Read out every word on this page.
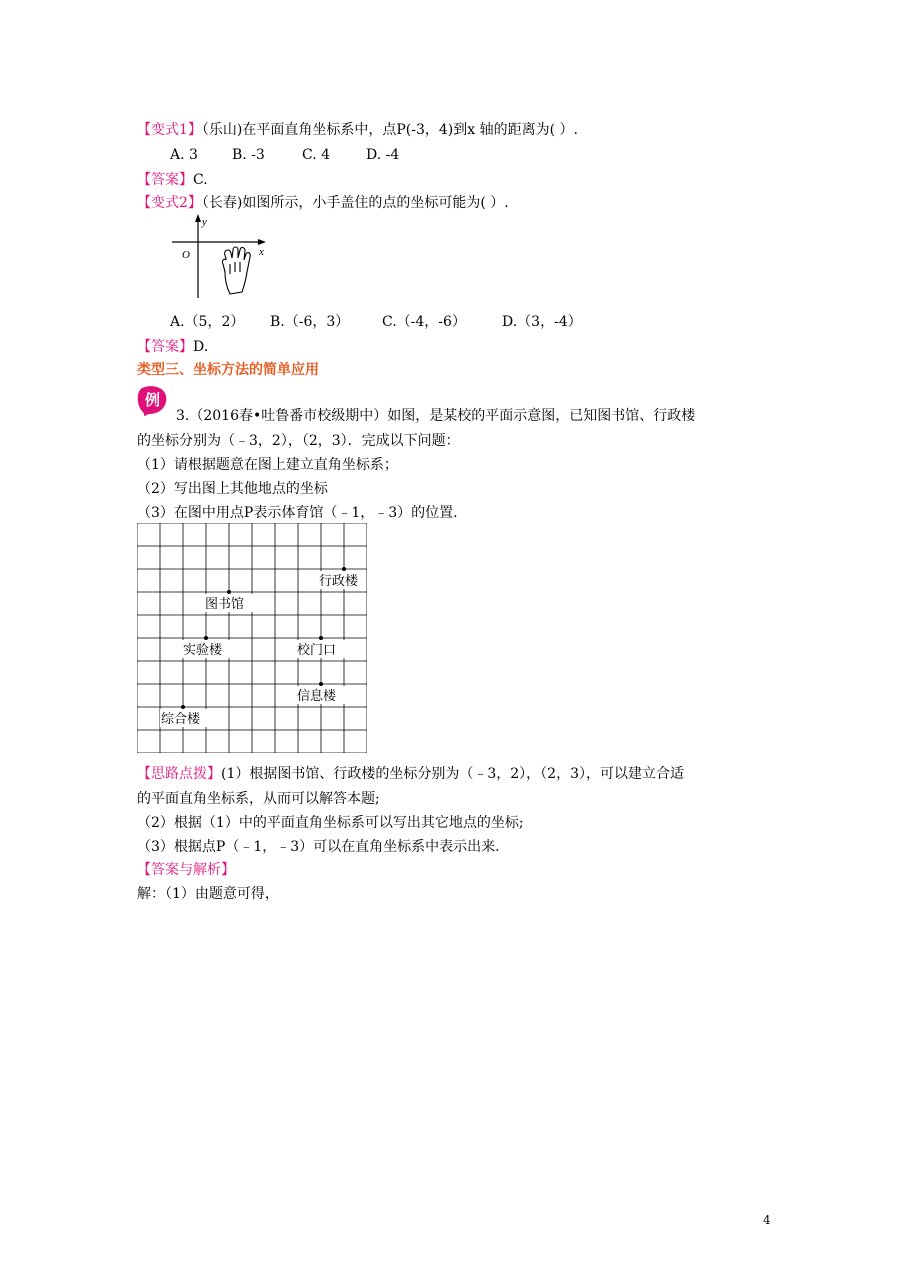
【变式1】（乐山)在平面直角坐标系中，点P(-3，4)到x 轴的距离为( ）.
A. 3 B. -3	C. 4	D. -4
【答案】C.
【变式2】（长春)如图所示，小手盖住的点的坐标可能为( ）.
y
x
O
A.（5，2） B.（-6，3） C.（-4，-6）	D.（3，-4）
【答案】D.
类型三、坐标方法的简单应用
例
3.（2016春•吐鲁番市校级期中）如图，是某校的平面示意图，已知图书馆、行政楼
的坐标分别为（﹣3，2），（2，3）．完成以下问题：
（1）请根据题意在图上建立直角坐标系；
（2）写出图上其他地点的坐标
（3）在图中用点P表示体育馆（﹣1，﹣3）的位置.
行政楼
图书馆
实验楼	校门口
信息楼
综合楼
【思路点拨】(1）根据图书馆、行政楼的坐标分别为（﹣3，2），（2，3），可以建立合适
的平面直角坐标系，从而可以解答本题;
（2）根据（1）中的平面直角坐标系可以写出其它地点的坐标;
（3）根据点P（﹣1，﹣3）可以在直角坐标系中表示出来.
【答案与解析】
解：（1）由题意可得，
4
